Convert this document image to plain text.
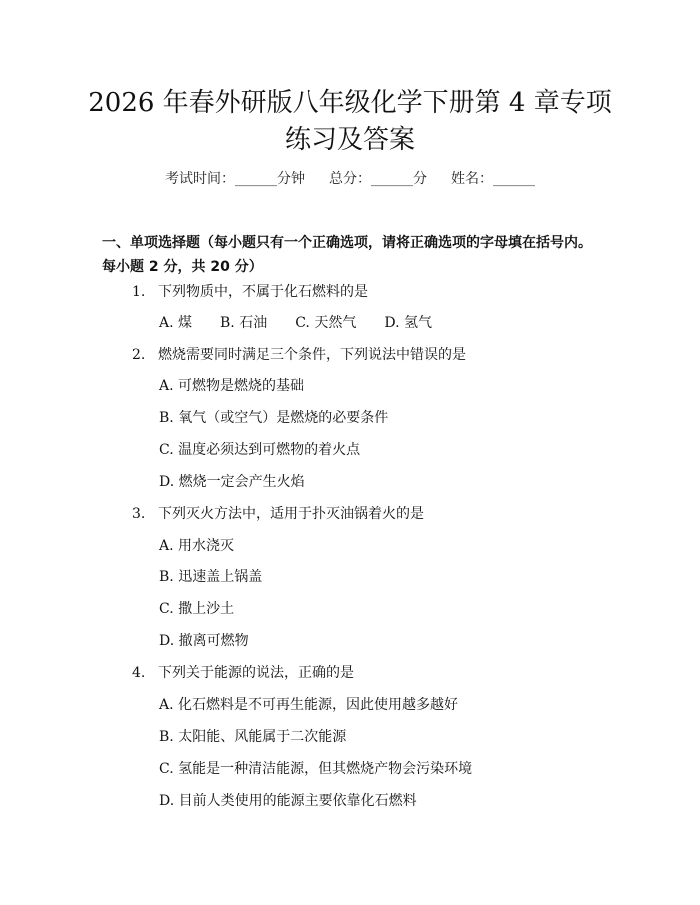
2026 年春外研版八年级化学下册第 4 章专项
练习及答案
考试时间：______分钟 总分：______分 姓名：______
一、单项选择题（每小题只有一个正确选项，请将正确选项的字母填在括号内。
每小题 2 分，共 20 分）
1. 下列物质中，不属于化石燃料的是
A. 煤 B. 石油 C. 天然气 D. 氢气
2. 燃烧需要同时满足三个条件，下列说法中错误的是
A. 可燃物是燃烧的基础
B. 氧气（或空气）是燃烧的必要条件
C. 温度必须达到可燃物的着火点
D. 燃烧一定会产生火焰
3. 下列灭火方法中，适用于扑灭油锅着火的是
A. 用水浇灭
B. 迅速盖上锅盖
C. 撒上沙土
D. 撤离可燃物
4. 下列关于能源的说法，正确的是
A. 化石燃料是不可再生能源，因此使用越多越好
B. 太阳能、风能属于二次能源
C. 氢能是一种清洁能源，但其燃烧产物会污染环境
D. 目前人类使用的能源主要依靠化石燃料
